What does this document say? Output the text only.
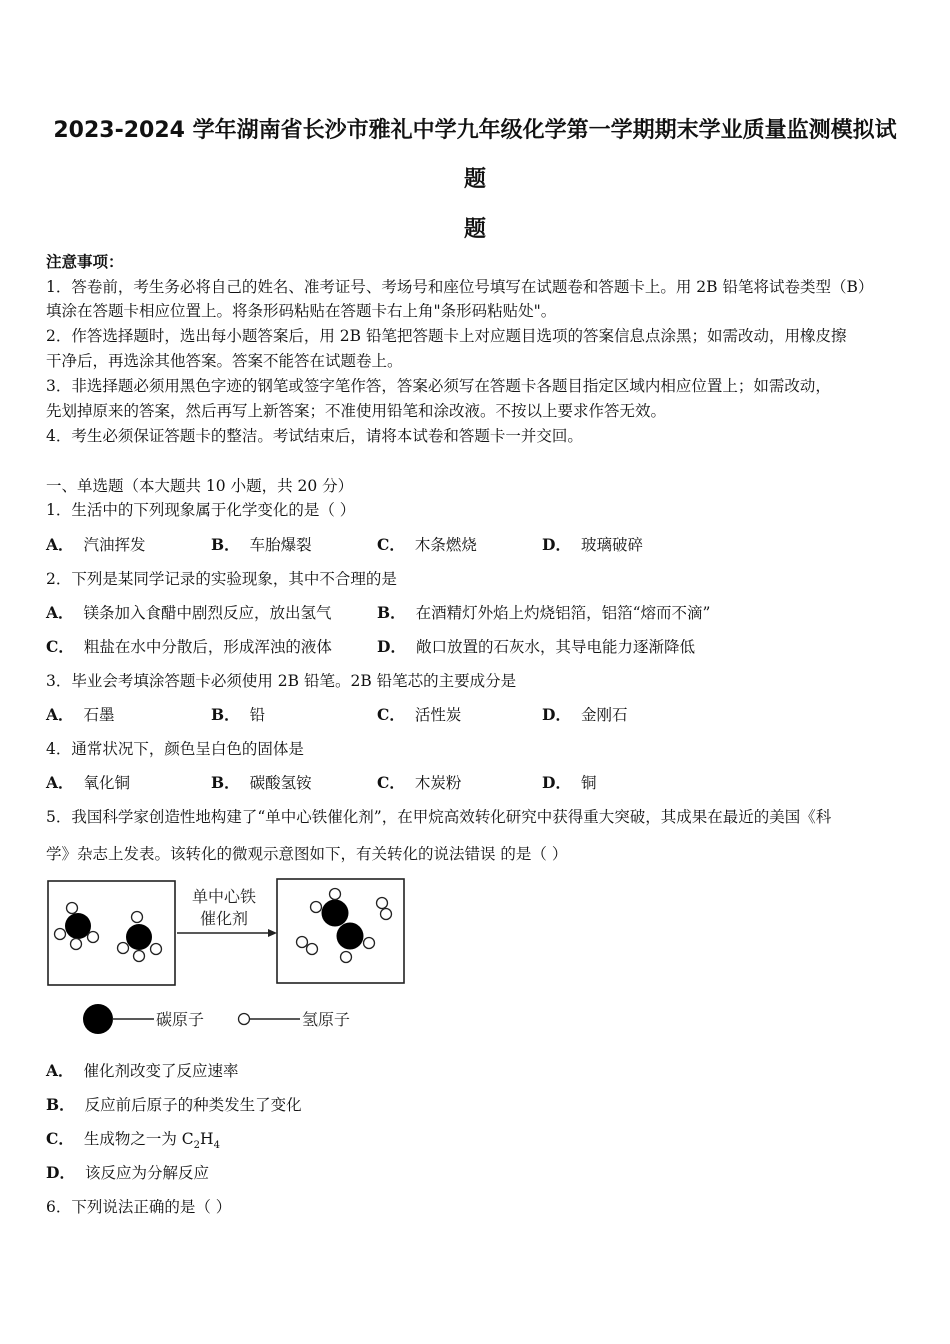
2023-2024 学年湖南省长沙市雅礼中学九年级化学第一学期期末学业质量监测模拟试
题
题
注意事项：
1．答卷前，考生务必将自己的姓名、准考证号、考场号和座位号填写在试题卷和答题卡上。用 2B 铅笔将试卷类型（B）
填涂在答题卡相应位置上。将条形码粘贴在答题卡右上角"条形码粘贴处"。
2．作答选择题时，选出每小题答案后，用 2B 铅笔把答题卡上对应题目选项的答案信息点涂黑；如需改动，用橡皮擦
干净后，再选涂其他答案。答案不能答在试题卷上。
3．非选择题必须用黑色字迹的钢笔或签字笔作答，答案必须写在答题卡各题目指定区域内相应位置上；如需改动，
先划掉原来的答案，然后再写上新答案；不准使用铅笔和涂改液。不按以上要求作答无效。
4．考生必须保证答题卡的整洁。考试结束后，请将本试卷和答题卡一并交回。
一、单选题（本大题共 10 小题，共 20 分）
1．生活中的下列现象属于化学变化的是（ ）
A． 汽油挥发	B． 车胎爆裂	C． 木条燃烧	D． 玻璃破碎
2．下列是某同学记录的实验现象，其中不合理的是
A． 镁条加入食醋中剧烈反应，放出氢气	B． 在酒精灯外焰上灼烧铝箔，铝箔“熔而不滴”
C． 粗盐在水中分散后，形成浑浊的液体	D． 敞口放置的石灰水，其导电能力逐渐降低
3．毕业会考填涂答题卡必须使用 2B 铅笔。2B 铅笔芯的主要成分是
A． 石墨	B． 铅	C． 活性炭	D． 金刚石
4．通常状况下，颜色呈白色的固体是
A． 氧化铜	B． 碳酸氢铵	C． 木炭粉	D． 铜
5．我国科学家创造性地构建了“单中心铁催化剂”，在甲烷高效转化研究中获得重大突破，其成果在最近的美国《科
学》杂志上发表。该转化的微观示意图如下，有关转化的说法错误 的是（ ）
单中心铁
催化剂
碳原子	氢原子
A． 催化剂改变了反应速率
B． 反应前后原子的种类发生了变化
C． 生成物之一为 $C_2H_4$
D． 该反应为分解反应
6．下列说法正确的是（ ）
